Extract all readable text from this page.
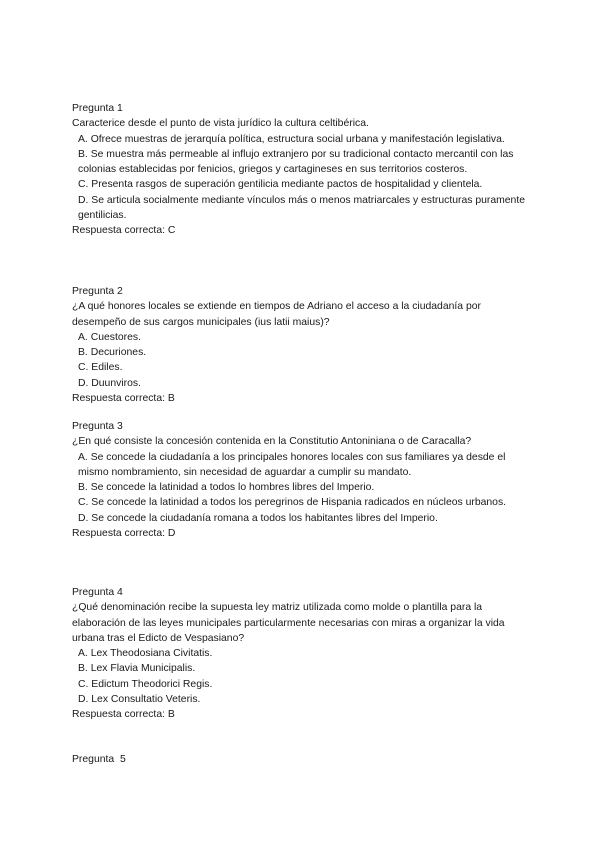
Pregunta 1
Caracterice desde el punto de vista jurídico la cultura celtibérica.
A. Ofrece muestras de jerarquía política, estructura social urbana y manifestación legislativa.
B. Se muestra más permeable al influjo extranjero por su tradicional contacto mercantil con las colonias establecidas por fenicios, griegos y cartagineses en sus territorios costeros.
C. Presenta rasgos de superación gentilicia mediante pactos de hospitalidad y clientela.
D. Se articula socialmente mediante vínculos más o menos matriarcales y estructuras puramente gentilicias.
Respuesta correcta: C
Pregunta 2
¿A qué honores locales se extiende en tiempos de Adriano el acceso a la ciudadanía por desempeño de sus cargos municipales (ius latii maius)?
A. Cuestores.
B. Decuriones.
C. Ediles.
D. Duunviros.
Respuesta correcta: B
Pregunta 3
¿En qué consiste la concesión contenida en la Constitutio Antoniniana o de Caracalla?
A. Se concede la ciudadanía a los principales honores locales con sus familiares ya desde el mismo nombramiento, sin necesidad de aguardar a cumplir su mandato.
B. Se concede la latinidad a todos lo hombres libres del Imperio.
C. Se concede la latinidad a todos los peregrinos de Hispania radicados en núcleos urbanos.
D. Se concede la ciudadanía romana a todos los habitantes libres del Imperio.
Respuesta correcta: D
Pregunta 4
¿Qué denominación recibe la supuesta ley matriz utilizada como molde o plantilla para la elaboración de las leyes municipales particularmente necesarias con miras a organizar la vida urbana tras el Edicto de Vespasiano?
A. Lex Theodosiana Civitatis.
B. Lex Flavia Municipalis.
C. Edictum Theodorici Regis.
D. Lex Consultatio Veteris.
Respuesta correcta: B
Pregunta  5
